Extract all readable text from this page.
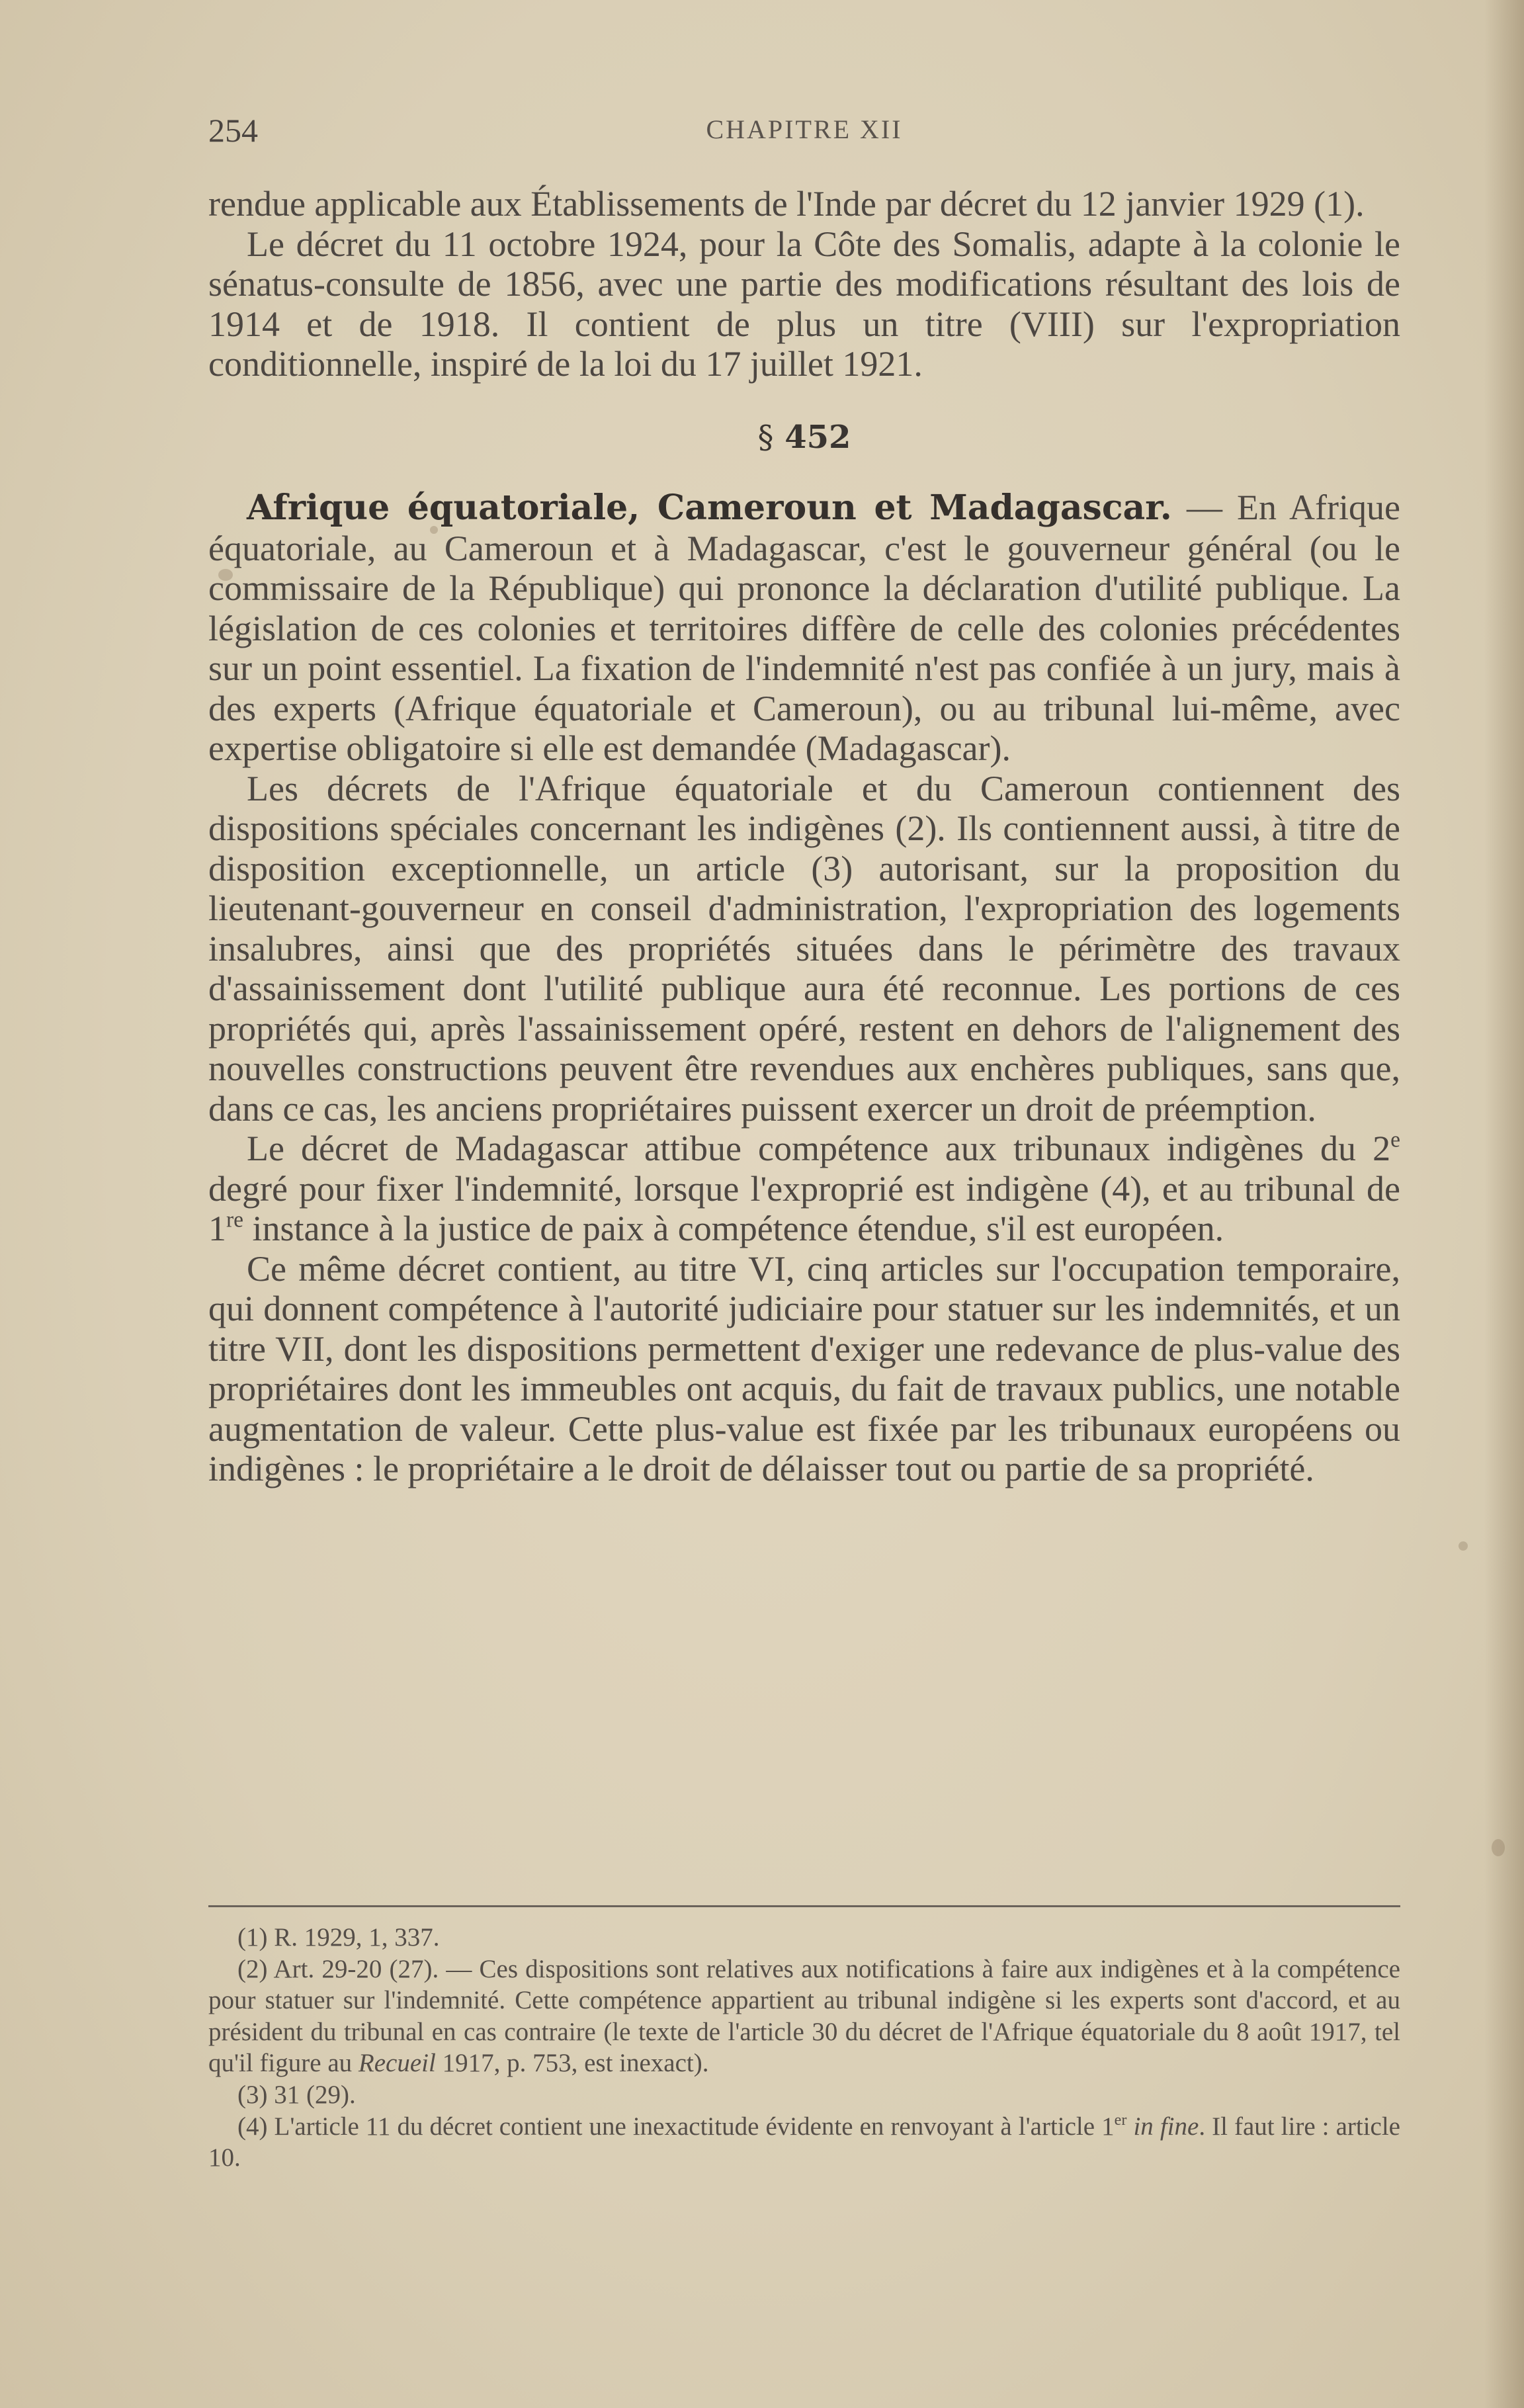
254	CHAPITRE XII

rendue applicable aux Établissements de l'Inde par décret du 12 janvier 1929 (1).

Le décret du 11 octobre 1924, pour la Côte des Somalis, adapte à la colonie le sénatus-consulte de 1856, avec une partie des modifications résultant des lois de 1914 et de 1918. Il contient de plus un titre (VIII) sur l'expropriation conditionnelle, inspiré de la loi du 17 juillet 1921.

§ 452

Afrique équatoriale, Cameroun et Madagascar. — En Afrique équatoriale, au Cameroun et à Madagascar, c'est le gouverneur général (ou le commissaire de la République) qui prononce la déclaration d'utilité publique. La législation de ces colonies et territoires diffère de celle des colonies précédentes sur un point essentiel. La fixation de l'indemnité n'est pas confiée à un jury, mais à des experts (Afrique équatoriale et Cameroun), ou au tribunal lui-même, avec expertise obligatoire si elle est demandée (Madagascar).

Les décrets de l'Afrique équatoriale et du Cameroun contiennent des dispositions spéciales concernant les indigènes (2). Ils contiennent aussi, à titre de disposition exceptionnelle, un article (3) autorisant, sur la proposition du lieutenant-gouverneur en conseil d'administration, l'expropriation des logements insalubres, ainsi que des propriétés situées dans le périmètre des travaux d'assainissement dont l'utilité publique aura été reconnue. Les portions de ces propriétés qui, après l'assainissement opéré, restent en dehors de l'alignement des nouvelles constructions peuvent être revendues aux enchères publiques, sans que, dans ce cas, les anciens propriétaires puissent exercer un droit de préemption.

Le décret de Madagascar attibue compétence aux tribunaux indigènes du 2e degré pour fixer l'indemnité, lorsque l'exproprié est indigène (4), et au tribunal de 1re instance à la justice de paix à compétence étendue, s'il est européen.

Ce même décret contient, au titre VI, cinq articles sur l'occupation temporaire, qui donnent compétence à l'autorité judiciaire pour statuer sur les indemnités, et un titre VII, dont les dispositions permettent d'exiger une redevance de plus-value des propriétaires dont les immeubles ont acquis, du fait de travaux publics, une notable augmentation de valeur. Cette plus-value est fixée par les tribunaux européens ou indigènes : le propriétaire a le droit de délaisser tout ou partie de sa propriété.

(1) R. 1929, 1, 337.

(2) Art. 29-20 (27). — Ces dispositions sont relatives aux notifications à faire aux indigènes et à la compétence pour statuer sur l'indemnité. Cette compétence appartient au tribunal indigène si les experts sont d'accord, et au président du tribunal en cas contraire (le texte de l'article 30 du décret de l'Afrique équatoriale du 8 août 1917, tel qu'il figure au Recueil 1917, p. 753, est inexact).

(3) 31 (29).

(4) L'article 11 du décret contient une inexactitude évidente en renvoyant à l'article 1er in fine. Il faut lire : article 10.
